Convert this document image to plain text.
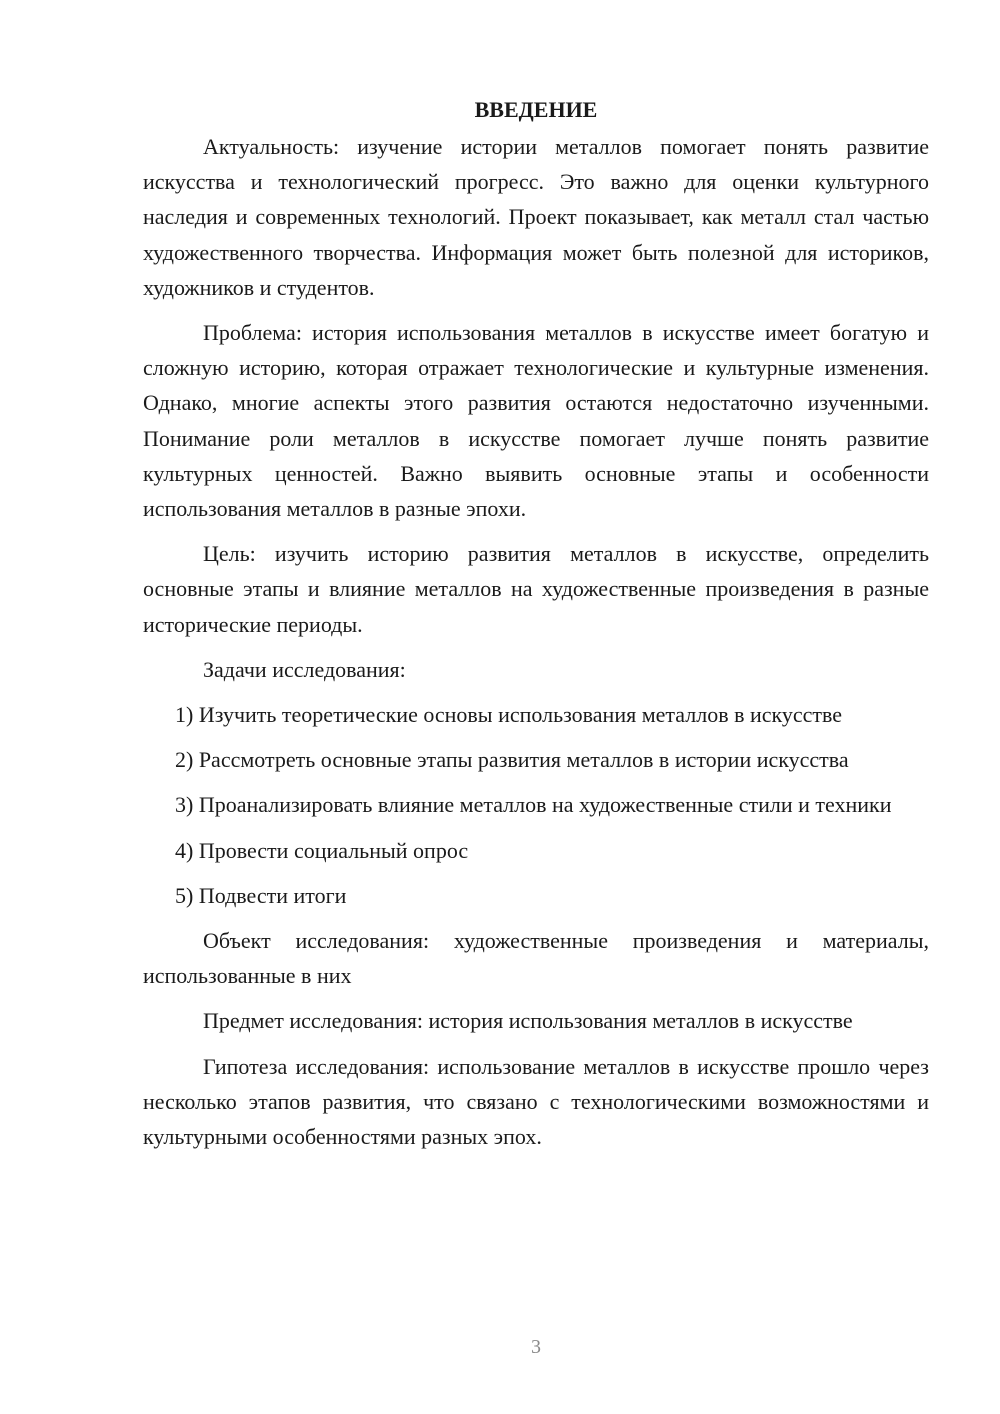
ВВЕДЕНИЕ

Актуальность: изучение истории металлов помогает понять развитие искусства и технологический прогресс. Это важно для оценки культурного наследия и современных технологий. Проект показывает, как металл стал частью художественного творчества. Информация может быть полезной для историков, художников и студентов.

Проблема: история использования металлов в искусстве имеет богатую и сложную историю, которая отражает технологические и культурные изменения. Однако, многие аспекты этого развития остаются недостаточно изученными. Понимание роли металлов в искусстве помогает лучше понять развитие культурных ценностей. Важно выявить основные этапы и особенности использования металлов в разные эпохи.

Цель: изучить историю развития металлов в искусстве, определить основные этапы и влияние металлов на художественные произведения в разные исторические периоды.

Задачи исследования:

1) Изучить теоретические основы использования металлов в искусстве

2) Рассмотреть основные этапы развития металлов в истории искусства

3) Проанализировать влияние металлов на художественные стили и техники

4) Провести социальный опрос

5) Подвести итоги

Объект исследования: художественные произведения и материалы, использованные в них

Предмет исследования: история использования металлов в искусстве

Гипотеза исследования: использование металлов в искусстве прошло через несколько этапов развития, что связано с технологическими возможностями и культурными особенностями разных эпох.

3
